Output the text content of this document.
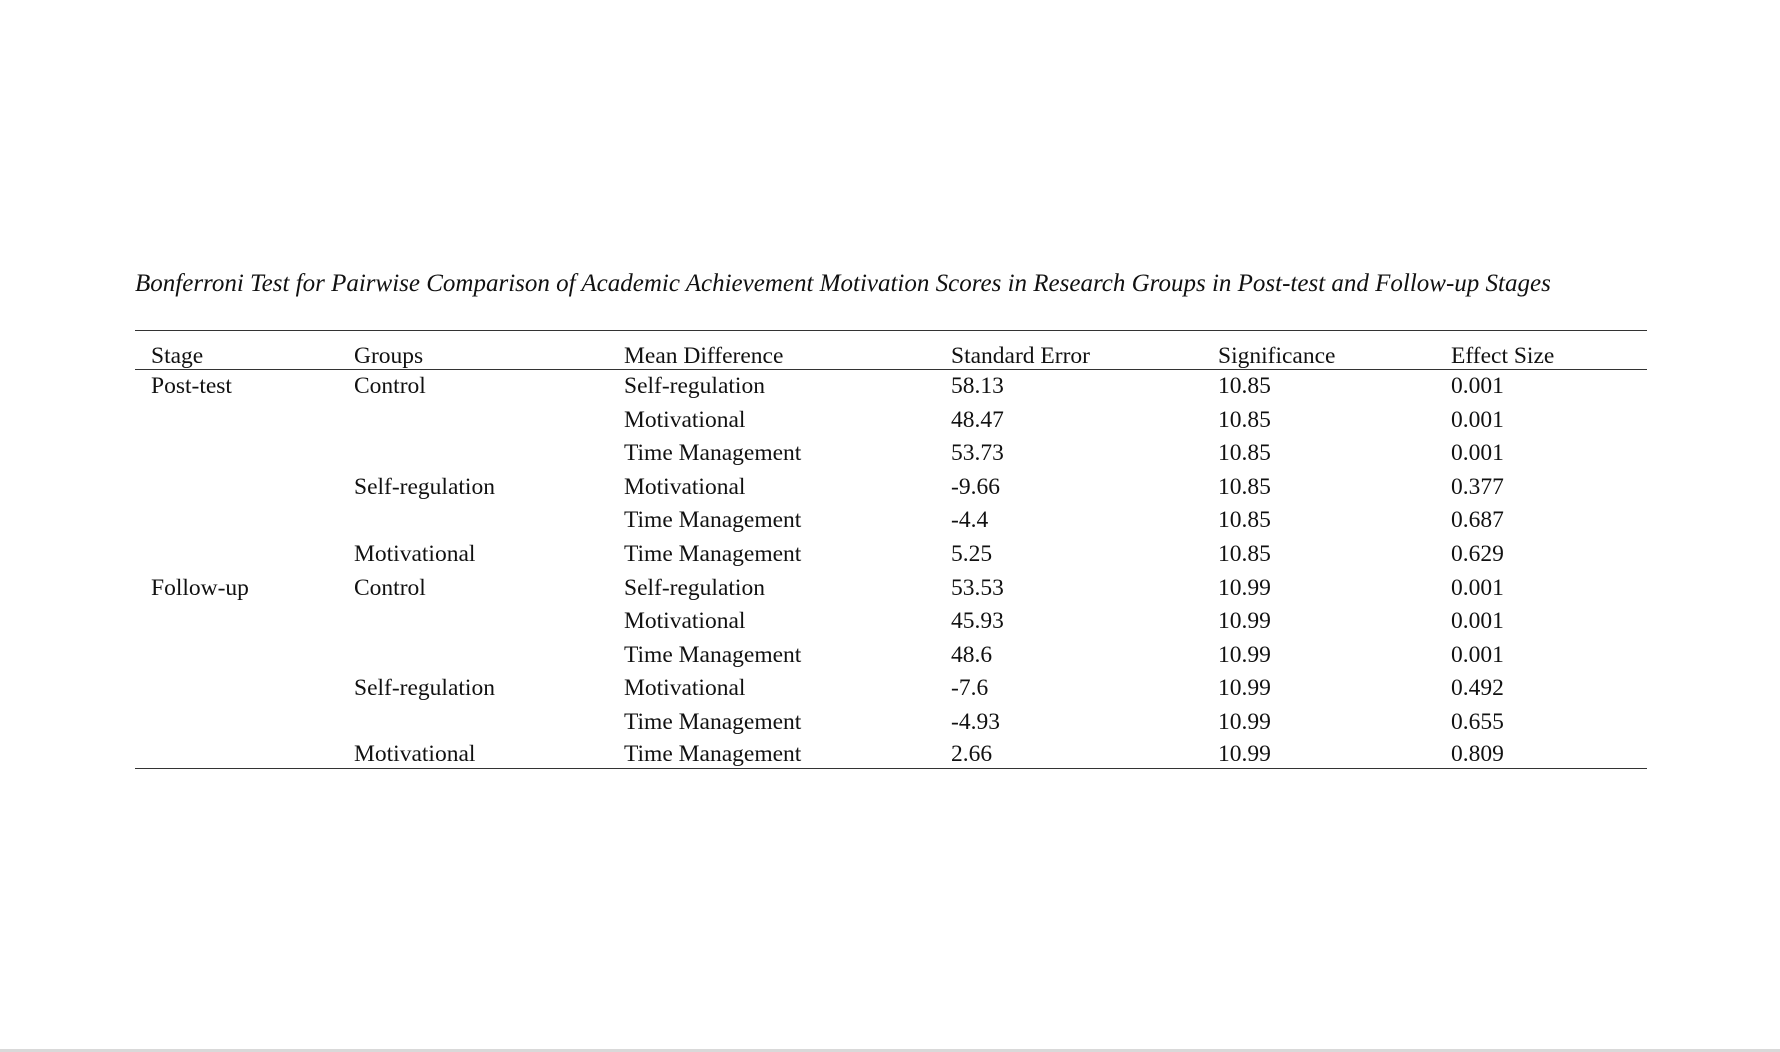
Bonferroni Test for Pairwise Comparison of Academic Achievement Motivation Scores in Research Groups in Post-test and Follow-up Stages
Stage	Groups	Mean Difference	Standard Error	Significance	Effect Size
Post-test	Control	Self-regulation	58.13	10.85	0.001
		Motivational	48.47	10.85	0.001
		Time Management	53.73	10.85	0.001
	Self-regulation	Motivational	-9.66	10.85	0.377
		Time Management	-4.4	10.85	0.687
	Motivational	Time Management	5.25	10.85	0.629
Follow-up	Control	Self-regulation	53.53	10.99	0.001
		Motivational	45.93	10.99	0.001
		Time Management	48.6	10.99	0.001
	Self-regulation	Motivational	-7.6	10.99	0.492
		Time Management	-4.93	10.99	0.655
	Motivational	Time Management	2.66	10.99	0.809
